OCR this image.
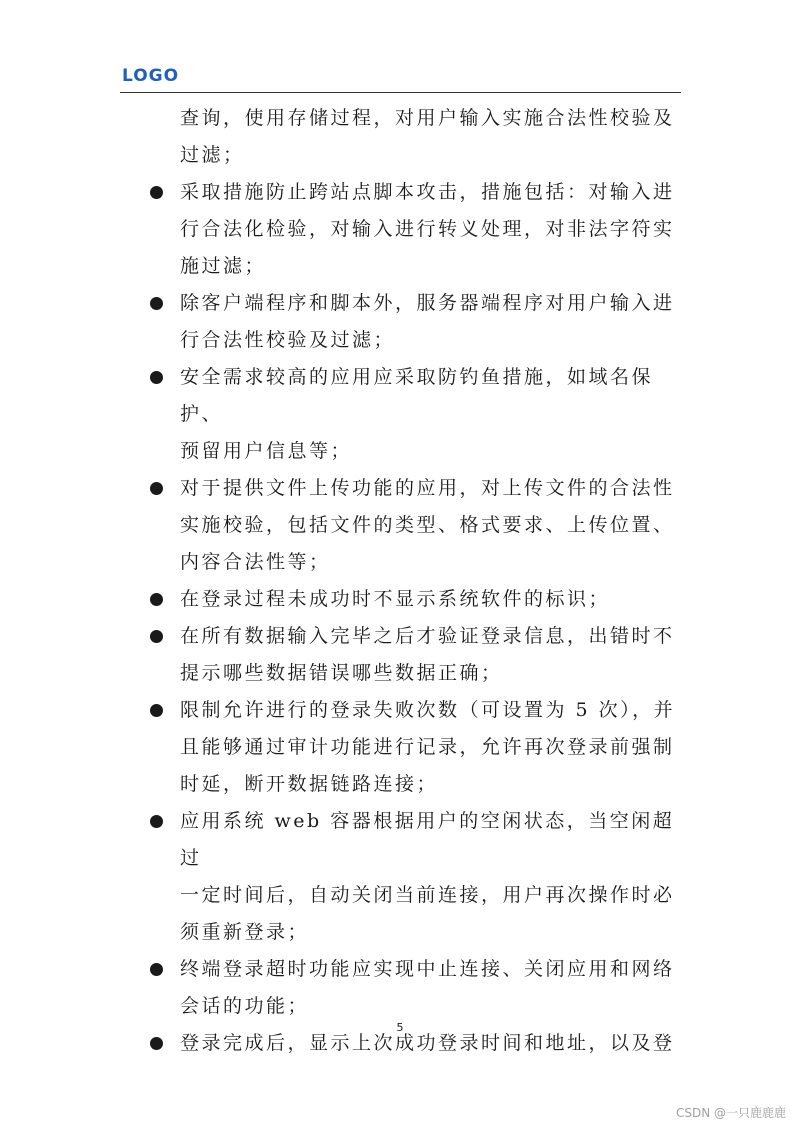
LOGO
查询，使用存储过程，对用户输入实施合法性校验及
过滤；
采取措施防止跨站点脚本攻击，措施包括：对输入进
行合法化检验，对输入进行转义处理，对非法字符实
施过滤；
除客户端程序和脚本外，服务器端程序对用户输入进
行合法性校验及过滤；
安全需求较高的应用应采取防钓鱼措施，如域名保护、
预留用户信息等；
对于提供文件上传功能的应用，对上传文件的合法性
实施校验，包括文件的类型、格式要求、上传位置、
内容合法性等；
在登录过程未成功时不显示系统软件的标识；
在所有数据输入完毕之后才验证登录信息，出错时不
提示哪些数据错误哪些数据正确；
限制允许进行的登录失败次数（可设置为 5 次），并
且能够通过审计功能进行记录，允许再次登录前强制
时延，断开数据链路连接；
应用系统 web 容器根据用户的空闲状态，当空闲超过
一定时间后，自动关闭当前连接，用户再次操作时必
须重新登录；
终端登录超时功能应实现中止连接、关闭应用和网络
会话的功能；
登录完成后，显示上次成功登录时间和地址，以及登
5
CSDN @一只鹿鹿鹿
